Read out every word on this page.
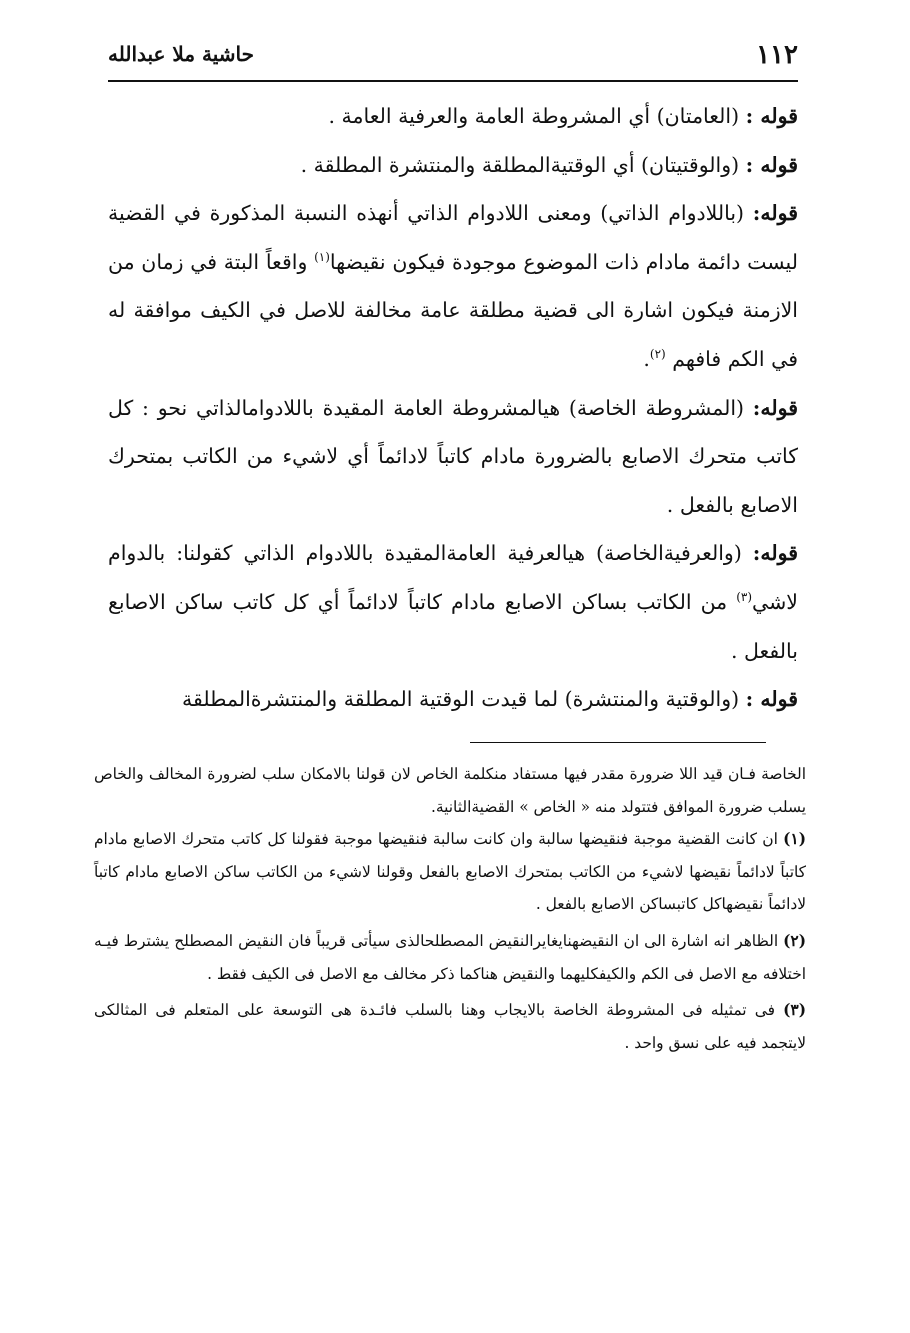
١١٢
حاشية ملا عبدالله

قوله : (العامتان) أي المشروطة العامة والعرفية العامة .

قوله : (والوقتيتان) أي الوقتيةالمطلقة والمنتشرة المطلقة .

قوله: (باللادوام الذاتي) ومعنى اللادوام الذاتي أنهذه النسبة المذكورة في القضية ليست دائمة مادام ذات الموضوع موجودة فيكون نقيضها$^{(١)}$ واقعاً البتة في زمان من الازمنة فيكون اشارة الى قضية مطلقة عامة مخالفة للاصل في الكيف موافقة له في الكم فافهم $^{(٢)}$.

قوله: (المشروطة الخاصة) هيالمشروطة العامة المقيدة باللادوامالذاتي نحو : كل كاتب متحرك الاصابع بالضرورة مادام كاتباً لادائماً أي لاشيء من الكاتب بمتحرك الاصابع بالفعل .

قوله: (والعرفيةالخاصة) هيالعرفية العامةالمقيدة باللادوام الذاتي كقولنا: بالدوام لاشي$^{(٣)}$ من الكاتب بساكن الاصابع مادام كاتباً لادائماً أي كل كاتب ساكن الاصابع بالفعل .

قوله : (والوقتية والمنتشرة) لما قيدت الوقتية المطلقة والمنتشرةالمطلقة

الخاصة فـان قيد اللا ضرورة مقدر فيها مستفاد منكلمة الخاص لان قولنا بالامكان سلب لضرورة المخالف والخاص يسلب ضرورة الموافق فتتولد منه « الخاص » القضيةالثانية.

(١) ان كانت القضية موجبة فنقيضها سالبة وان كانت سالبة فنقيضها موجبة فقولنا كل كاتب متحرك الاصابع مادام كاتباً لادائماً نقيضها لاشيء من الكاتب بمتحرك الاصابع بالفعل وقولنا لاشيء من الكاتب ساكن الاصابع مادام كاتباً لادائماً نقيضهاكل كاتبساكن الاصابع بالفعل .

(٢) الظاهر انه اشارة الى ان النقيضهنايغايرالنقيض المصطلحالذى سيأتى قريباً فان النقيض المصطلح يشترط فيـه اختلافه مع الاصل فى الكم والكيفكليهما والنقيض هناكما ذكر مخالف مع الاصل فى الكيف فقط .

(٣) فى تمثيله فى المشروطة الخاصة بالايجاب وهنا بالسلب فائـدة هى التوسعة على المتعلم فى المثالكى لايتجمد فيه على نسق واحد .
